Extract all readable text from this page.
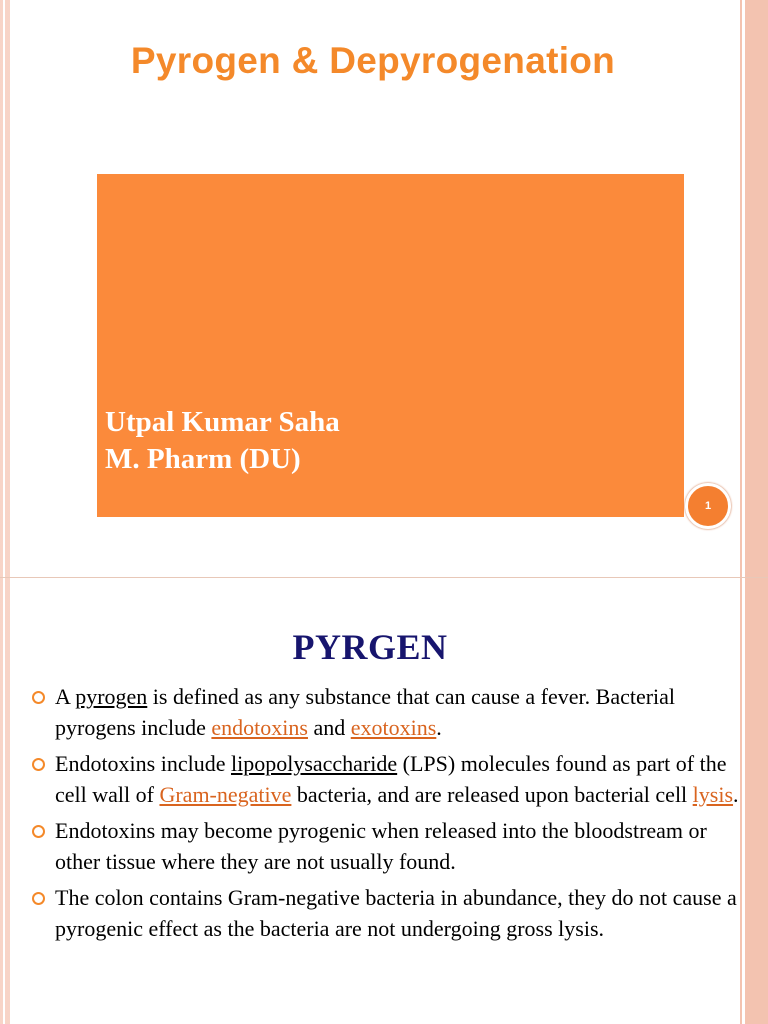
Pyrogen & Depyrogenation

Utpal Kumar Saha
M. Pharm (DU)

1
PYRGEN
A pyrogen is defined as any substance that can cause a fever. Bacterial pyrogens include endotoxins and exotoxins.
Endotoxins include lipopolysaccharide (LPS) molecules found as part of the cell wall of Gram-negative bacteria, and are released upon bacterial cell lysis.
Endotoxins may become pyrogenic when released into the bloodstream or other tissue where they are not usually found.
The colon contains Gram-negative bacteria in abundance, they do not cause a pyrogenic effect as the bacteria are not undergoing gross lysis.
